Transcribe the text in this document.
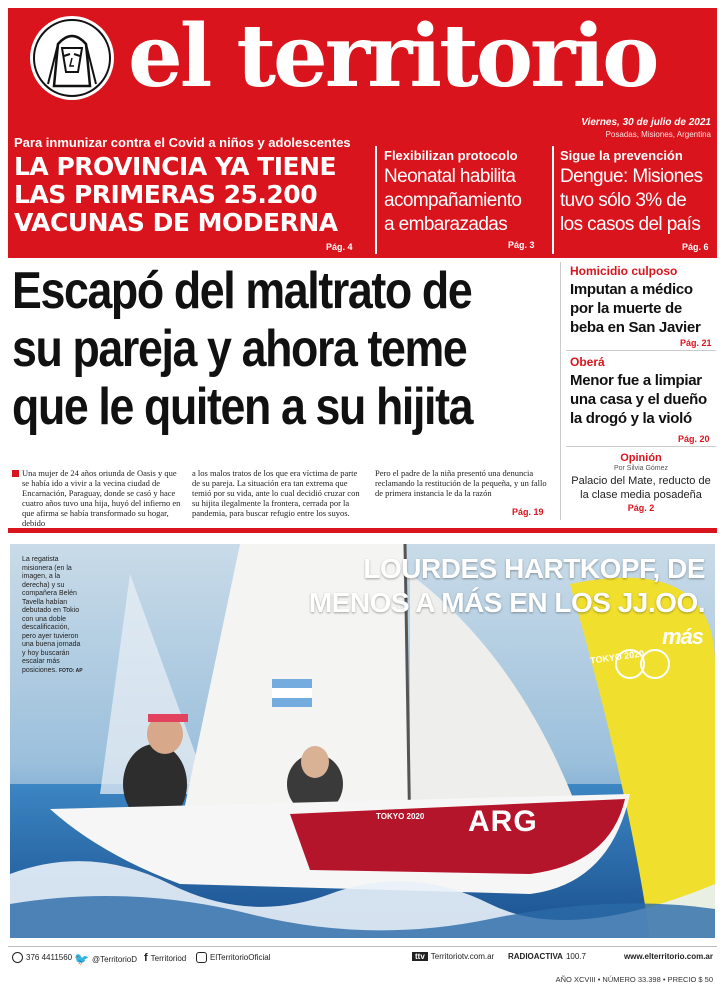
el territorio
Viernes, 30 de julio de 2021
Posadas, Misiones, Argentina
Para inmunizar contra el Covid a niños y adolescentes
LA PROVINCIA YA TIENE
LAS PRIMERAS 25.200
VACUNAS DE MODERNA
Pág. 4
Flexibilizan protocolo
Neonatal habilita
acompañamiento
a embarazadas
Pág. 3
Sigue la prevención
Dengue: Misiones
tuvo sólo 3% de
los casos del país
Pág. 6
Escapó del maltrato de
su pareja y ahora teme
que le quiten a su hijita
Una mujer de 24 años oriunda de Oasis y que se había ido a vivir a la vecina ciudad de Encarnación, Paraguay, donde se casó y hace cuatro años tuvo una hija, huyó del infierno en que afirma se había transformado su hogar, debido
a los malos tratos de los que era víctima de parte de su pareja. La situación era tan extrema que temió por su vida, ante lo cual decidió cruzar con su hijita ilegalmente la frontera, cerrada por la pandemia, para buscar refugio entre los suyos.
Pero el padre de la niña presentó una denuncia reclamando la restitución de la pequeña, y un fallo de primera instancia le da la razón
Pág. 19
Homicidio culposo
Imputan a médico
por la muerte de
beba en San Javier
Pág. 21
Oberá
Menor fue a limpiar
una casa y el dueño
la drogó y la violó
Pág. 20
Opinión
Por Silvia Gómez
Palacio del Mate, reducto de
la clase media posadeña
Pág. 2
ARG
TOKYO 2020
TOKYO 2020
La regatista misionera (en la imagen, a la derecha) y su compañera Belén Tavella habían debutado en Tokio con una doble descalificación, pero ayer tuvieron una buena jornada y hoy buscarán escalar más posiciones. FOTO: AP
LOURDES HARTKOPF, DE
MENOS A MÁS EN LOS JJ.OO.
más
376 4411560 🐦 @TerritorioD f Territoriod	ElTerritorioOficial	ttv Territoriotv.com.ar RADIOACTIVA 100.7	www.elterritorio.com.ar
AÑO XCVIII • NÚMERO 33.398 • PRECIO $ 50
